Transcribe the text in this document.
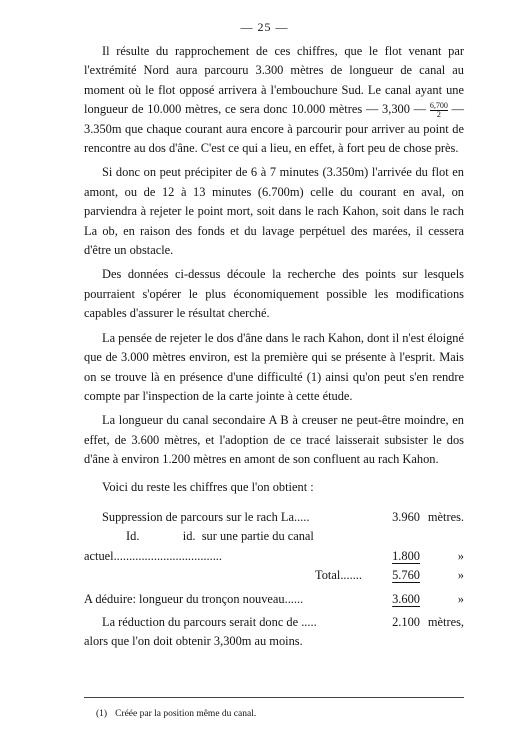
— 25 —

Il résulte du rapprochement de ces chiffres, que le flot venant par l'extrémité Nord aura parcouru 3.300 mètres de longueur de canal au moment où le flot opposé arrivera à l'embouchure Sud. Le canal ayant une longueur de 10.000 mètres, ce sera donc 10.000 mètres — 3,300 — $\frac{6,700}{2}$ — 3.350m que chaque courant aura encore à parcourir pour arriver au point de rencontre au dos d'âne. C'est ce qui a lieu, en effet, à fort peu de chose près.

Si donc on peut précipiter de 6 à 7 minutes (3.350m) l'arrivée du flot en amont, ou de 12 à 13 minutes (6.700m) celle du courant en aval, on parviendra à rejeter le point mort, soit dans le rach Kahon, soit dans le rach La ob, en raison des fonds et du lavage perpétuel des marées, il cessera d'être un obstacle.

Des données ci-dessus découle la recherche des points sur lesquels pourraient s'opérer le plus économiquement possible les modifications capables d'assurer le résultat cherché.

La pensée de rejeter le dos d'âne dans le rach Kahon, dont il n'est éloigné que de 3.000 mètres environ, est la première qui se présente à l'esprit. Mais on se trouve là en présence d'une difficulté (1) ainsi qu'on peut s'en rendre compte par l'inspection de la carte jointe à cette étude.

La longueur du canal secondaire A B à creuser ne peut-être moindre, en effet, de 3.600 mètres, et l'adoption de ce tracé laisserait subsister le dos d'âne à environ 1.200 mètres en amont de son confluent au rach Kahon.

Voici du reste les chiffres que l'on obtient :

Suppression de parcours sur le rach La.....	3.960 mètres.
Id.              id.  sur une partie du canal
actuel...................................	1.800	»
Total.......	5.760	»
A déduire: longueur du tronçon nouveau......	3.600	»
La réduction du parcours serait donc de .....	2.100 mètres,
alors que l'on doit obtenir 3,300m au moins.
(1) Créée par la position même du canal.
